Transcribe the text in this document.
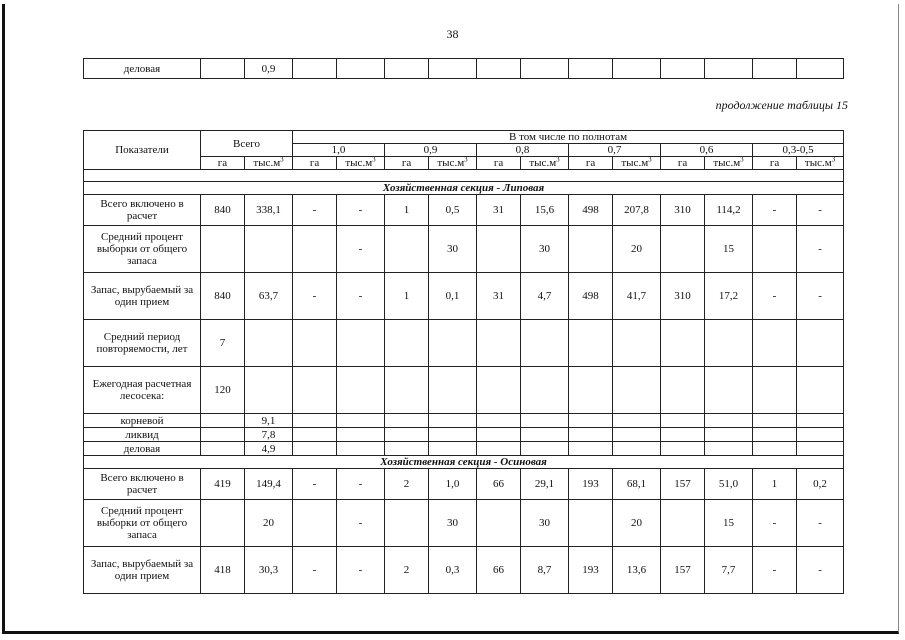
38
деловая		0,9												
продолжение таблицы 15
Показатели	Всего		В том числе по полнотам											
			1,0		0,9		0,8		0,7		0,6		0,3-0,5	
	га	$тыс.м^3$	га	$тыс.м^3$	га	$тыс.м^3$	га	$тыс.м^3$	га	$тыс.м^3$	га	$тыс.м^3$	га	$тыс.м^3$

Хозяйственная секция - Липовая														
Всего включено в расчет	840	338,1	-	-	1	0,5	31	15,6	498	207,8	310	114,2	-	-
Средний процент выборки от общего запаса				-		30		30		20		15		-
Запас, вырубаемый за один прием	840	63,7	-	-	1	0,1	31	4,7	498	41,7	310	17,2	-	-
Средний период повторяемости, лет	7													
Ежегодная расчетная лесосека:	120													
корневой		9,1												
ликвид		7,8												
деловая		4,9												
Хозяйственная секция - Осиновая														
Всего включено в расчет	419	149,4	-	-	2	1,0	66	29,1	193	68,1	157	51,0	1	0,2
Средний процент выборки от общего запаса		20		-		30		30		20		15	-	-
Запас, вырубаемый за один прием	418	30,3	-	-	2	0,3	66	8,7	193	13,6	157	7,7	-	-
